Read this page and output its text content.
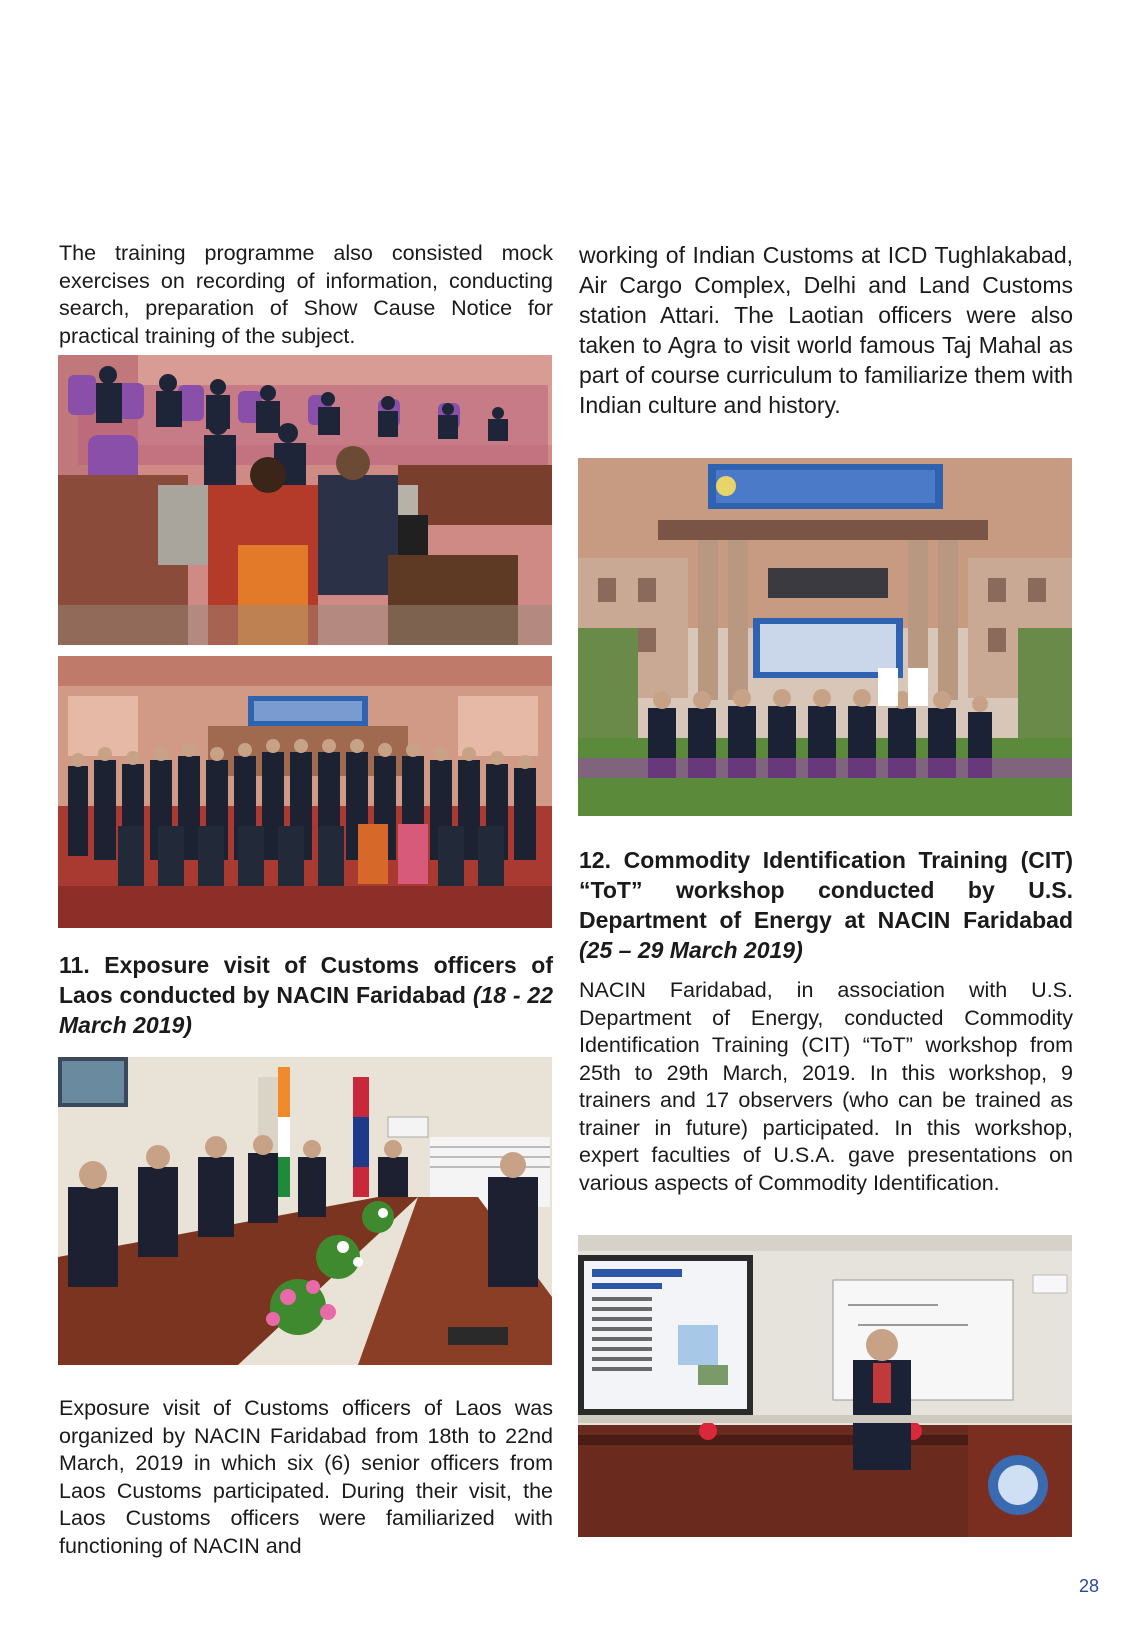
The training programme also consisted mock exercises on recording of information, conducting search, preparation of Show Cause Notice for practical training of the subject.

11. Exposure visit of Customs officers of Laos conducted by NACIN Faridabad (18 - 22 March 2019)

Exposure visit of Customs officers of Laos was organized by NACIN Faridabad from 18th to 22nd March, 2019 in which six (6) senior officers from Laos Customs participated. During their visit, the Laos Customs officers were familiarized with functioning of NACIN and

working of Indian Customs at ICD Tughlakabad, Air Cargo Complex, Delhi and Land Customs station Attari. The Laotian officers were also taken to Agra to visit world famous Taj Mahal as part of course curriculum to familiarize them with Indian culture and history.

12. Commodity Identification Training (CIT) “ToT” workshop conducted by U.S. Department of Energy at NACIN Faridabad (25 – 29 March 2019)

NACIN Faridabad, in association with U.S. Department of Energy, conducted Commodity Identification Training (CIT) “ToT” workshop from 25th to 29th March, 2019. In this workshop, 9 trainers and 17 observers (who can be trained as trainer in future) participated. In this workshop, expert faculties of U.S.A. gave presentations on various aspects of Commodity Identification.

28
